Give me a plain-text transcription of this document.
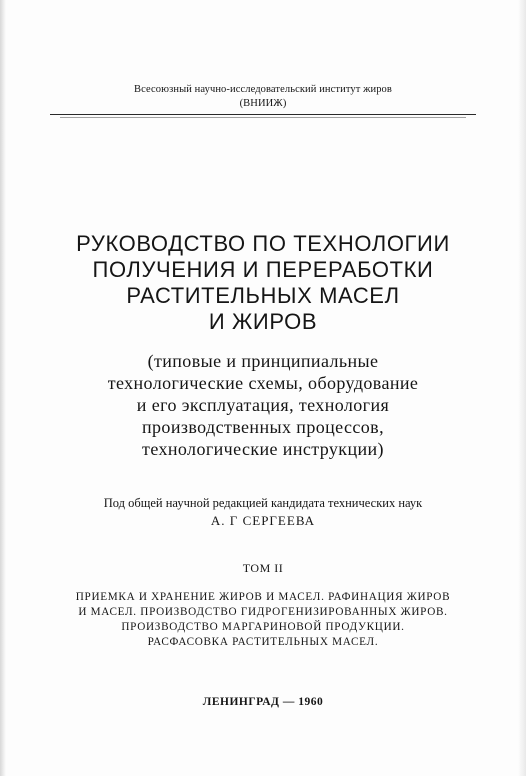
Всесоюзный научно-исследовательский институт жиров
(ВНИИЖ)
РУКОВОДСТВО ПО ТЕХНОЛОГИИ
ПОЛУЧЕНИЯ И ПЕРЕРАБОТКИ
РАСТИТЕЛЬНЫХ МАСЕЛ
И ЖИРОВ
(типовые и принципиальные
технологические схемы, оборудование
и его эксплуатация, технология
производственных процессов,
технологические инструкции)
Под общей научной редакцией кандидата технических наук
А. Г СЕРГЕЕВА
ТОМ II
ПРИЕМКА И ХРАНЕНИЕ ЖИРОВ И МАСЕЛ. РАФИНАЦИЯ ЖИРОВ
И МАСЕЛ. ПРОИЗВОДСТВО ГИДРОГЕНИЗИРОВАННЫХ ЖИРОВ.
ПРОИЗВОДСТВО МАРГАРИНОВОЙ ПРОДУКЦИИ.
РАСФАСОВКА РАСТИТЕЛЬНЫХ МАСЕЛ.
ЛЕНИНГРАД — 1960
